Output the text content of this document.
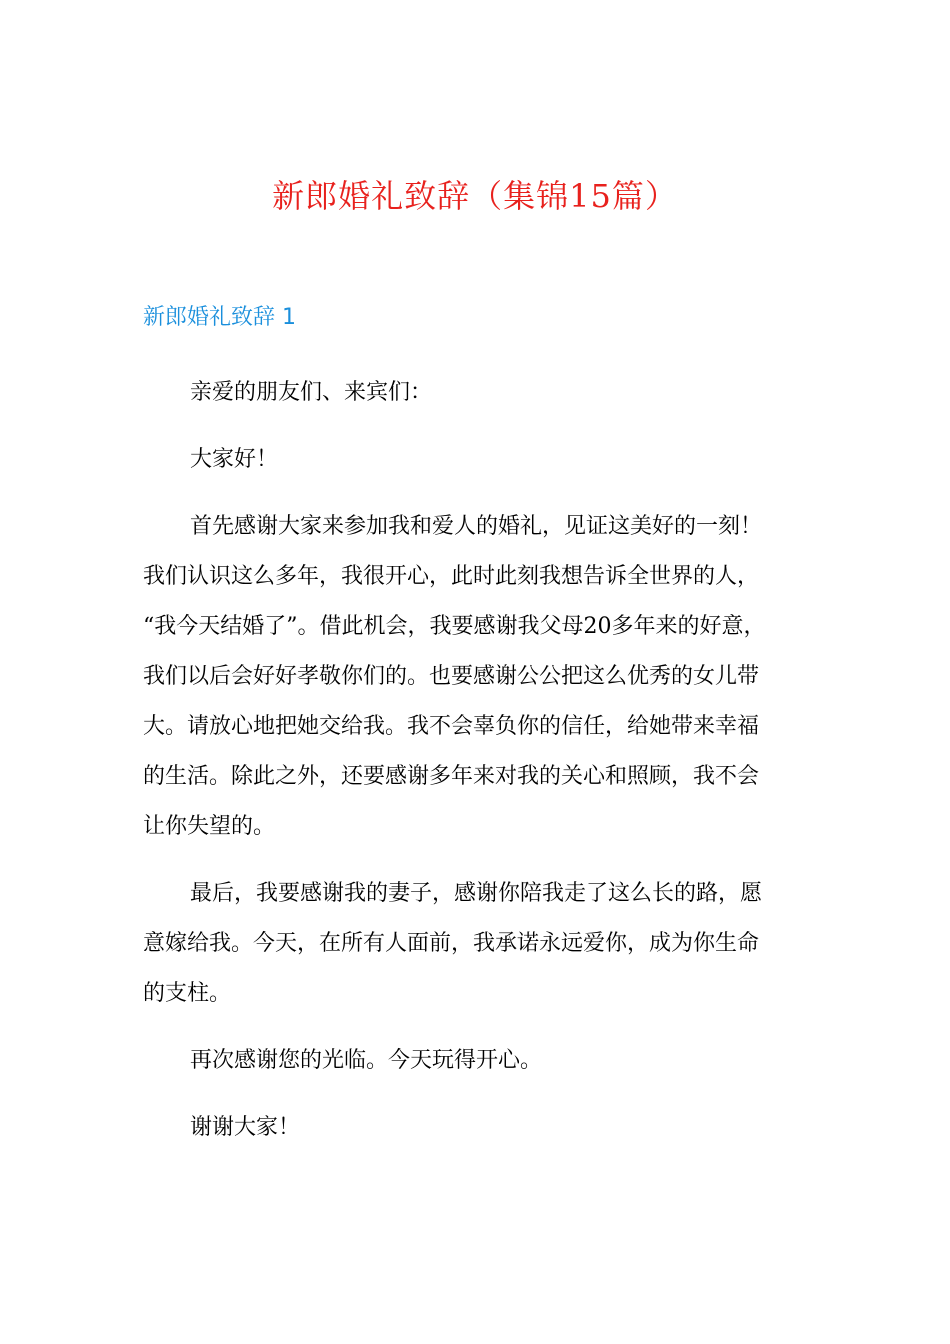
新郎婚礼致辞（集锦15篇）
新郎婚礼致辞 1

亲爱的朋友们、来宾们：

大家好！

首先感谢大家来参加我和爱人的婚礼，见证这美好的一刻！
我们认识这么多年，我很开心，此时此刻我想告诉全世界的人，
“我今天结婚了”。借此机会，我要感谢我父母20多年来的好意，
我们以后会好好孝敬你们的。也要感谢公公把这么优秀的女儿带
大。请放心地把她交给我。我不会辜负你的信任，给她带来幸福
的生活。除此之外，还要感谢多年来对我的关心和照顾，我不会
让你失望的。

最后，我要感谢我的妻子，感谢你陪我走了这么长的路，愿
意嫁给我。今天，在所有人面前，我承诺永远爱你，成为你生命
的支柱。

再次感谢您的光临。今天玩得开心。

谢谢大家！
